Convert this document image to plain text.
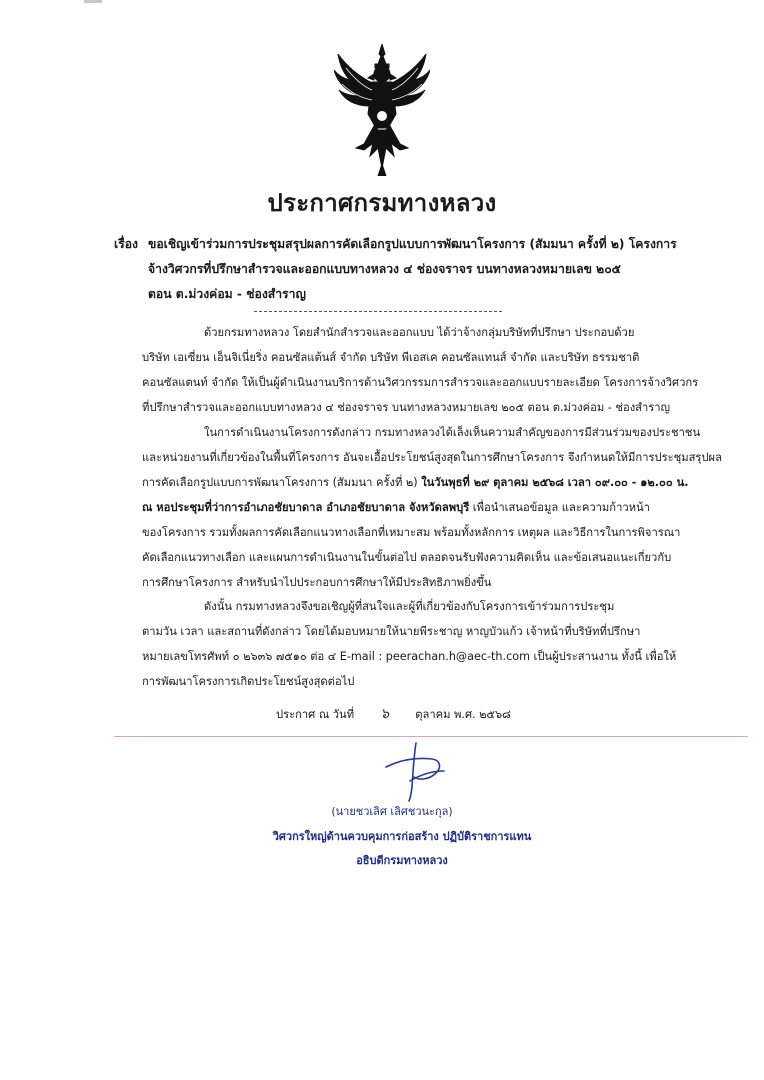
ประกาศกรมทางหลวง
เรื่อง ขอเชิญเข้าร่วมการประชุมสรุปผลการคัดเลือกรูปแบบการพัฒนาโครงการ (สัมมนา ครั้งที่ ๒) โครงการ
จ้างวิศวกรที่ปรึกษาสำรวจและออกแบบทางหลวง ๔ ช่องจราจร บนทางหลวงหมายเลข ๒๐๕
ตอน ต.ม่วงค่อม - ช่องสำราญ
ด้วยกรมทางหลวง โดยสำนักสำรวจและออกแบบ ได้ว่าจ้างกลุ่มบริษัทที่ปรึกษา ประกอบด้วย
บริษัท เอเซี่ยน เอ็นจิเนี่ยริ่ง คอนซัลแต้นส์ จำกัด บริษัท พีเอสเค คอนซัลแทนส์ จำกัด และบริษัท ธรรมชาติ
คอนซัลแตนท์ จำกัด ให้เป็นผู้ดำเนินงานบริการด้านวิศวกรรมการสำรวจและออกแบบรายละเอียด โครงการจ้างวิศวกร
ที่ปรึกษาสำรวจและออกแบบทางหลวง ๔ ช่องจราจร บนทางหลวงหมายเลข ๒๐๕ ตอน ต.ม่วงค่อม - ช่องสำราญ
ในการดำเนินงานโครงการดังกล่าว กรมทางหลวงได้เล็งเห็นความสำคัญของการมีส่วนร่วมของประชาชน
และหน่วยงานที่เกี่ยวข้องในพื้นที่โครงการ อันจะเอื้อประโยชน์สูงสุดในการศึกษาโครงการ จึงกำหนดให้มีการประชุมสรุปผล
การคัดเลือกรูปแบบการพัฒนาโครงการ (สัมมนา ครั้งที่ ๒) ในวันพุธที่ ๒๙ ตุลาคม ๒๕๖๘ เวลา ๐๙.๐๐ - ๑๒.๐๐ น.
ณ หอประชุมที่ว่าการอำเภอชัยบาดาล อำเภอชัยบาดาล จังหวัดลพบุรี เพื่อนำเสนอข้อมูล และความก้าวหน้า
ของโครงการ รวมทั้งผลการคัดเลือกแนวทางเลือกที่เหมาะสม พร้อมทั้งหลักการ เหตุผล และวิธีการในการพิจารณา
คัดเลือกแนวทางเลือก และแผนการดำเนินงานในขั้นต่อไป ตลอดจนรับฟังความคิดเห็น และข้อเสนอแนะเกี่ยวกับ
การศึกษาโครงการ สำหรับนำไปประกอบการศึกษาให้มีประสิทธิภาพยิ่งขึ้น
ดังนั้น กรมทางหลวงจึงขอเชิญผู้ที่สนใจและผู้ที่เกี่ยวข้องกับโครงการเข้าร่วมการประชุม
ตามวัน เวลา และสถานที่ดังกล่าว โดยได้มอบหมายให้นายพีระชาญ หาญบัวแก้ว เจ้าหน้าที่บริษัทที่ปรึกษา
หมายเลขโทรศัพท์ ๐ ๒๖๓๖ ๗๕๑๐ ต่อ ๔ E-mail : peerachan.h@aec-th.com เป็นผู้ประสานงาน ทั้งนี้ เพื่อให้
การพัฒนาโครงการเกิดประโยชน์สูงสุดต่อไป
ประกาศ ณ วันที่ ๖ ตุลาคม พ.ศ. ๒๕๖๘
(นายชวเลิศ เลิศชวนะกุล)
วิศวกรใหญ่ด้านควบคุมการก่อสร้าง ปฏิบัติราชการแทน
อธิบดีกรมทางหลวง
